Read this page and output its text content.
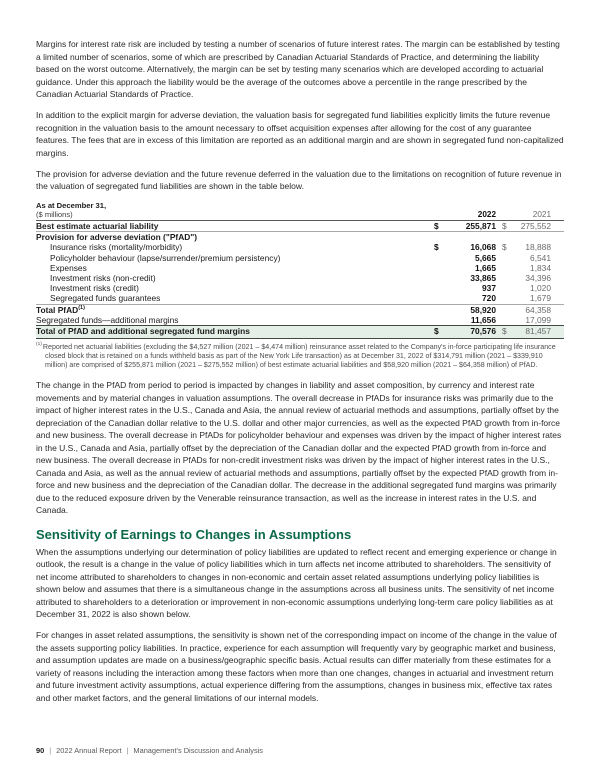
Margins for interest rate risk are included by testing a number of scenarios of future interest rates. The margin can be established by testing a limited number of scenarios, some of which are prescribed by Canadian Actuarial Standards of Practice, and determining the liability based on the worst outcome. Alternatively, the margin can be set by testing many scenarios which are developed according to actuarial guidance. Under this approach the liability would be the average of the outcomes above a percentile in the range prescribed by the Canadian Actuarial Standards of Practice.

In addition to the explicit margin for adverse deviation, the valuation basis for segregated fund liabilities explicitly limits the future revenue recognition in the valuation basis to the amount necessary to offset acquisition expenses after allowing for the cost of any guarantee features. The fees that are in excess of this limitation are reported as an additional margin and are shown in segregated fund non-capitalized margins.

The provision for adverse deviation and the future revenue deferred in the valuation due to the limitations on recognition of future revenue in the valuation of segregated fund liabilities are shown in the table below.

As at December 31,
($ millions)	2022	2021
Best estimate actuarial liability	$	255,871 $ 275,552
Provision for adverse deviation ("PfAD")
Insurance risks (mortality/morbidity)	$	16,068 $ 18,888
Policyholder behaviour (lapse/surrender/premium persistency)	5,665	6,541
Expenses	1,665	1,834
Investment risks (non-credit)	33,865	34,396
Investment risks (credit)	937	1,020
Segregated funds guarantees	720	1,679
Total PfAD$^{(1)}$	58,920	64,358
Segregated funds—additional margins	11,656	17,099
Total of PfAD and additional segregated fund margins	$	70,576 $ 81,457
$^{(1)}$Reported net actuarial liabilities (excluding the $4,527 million (2021 – $4,474 million) reinsurance asset related to the Company's in-force participating life insurance closed block that is retained on a funds withheld basis as part of the New York Life transaction) as at December 31, 2022 of $314,791 million (2021 – $339,910 million) are comprised of $255,871 million (2021 – $275,552 million) of best estimate actuarial liabilities and $58,920 million (2021 – $64,358 million) of PfAD.

The change in the PfAD from period to period is impacted by changes in liability and asset composition, by currency and interest rate movements and by material changes in valuation assumptions. The overall decrease in PfADs for insurance risks was primarily due to the impact of higher interest rates in the U.S., Canada and Asia, the annual review of actuarial methods and assumptions, partially offset by the depreciation of the Canadian dollar relative to the U.S. dollar and other major currencies, as well as the expected PfAD growth from in-force and new business. The overall decrease in PfADs for policyholder behaviour and expenses was driven by the impact of higher interest rates in the U.S., Canada and Asia, partially offset by the depreciation of the Canadian dollar and the expected PfAD growth from in-force and new business. The overall decrease in PfADs for non-credit investment risks was driven by the impact of higher interest rates in the U.S., Canada and Asia, as well as the annual review of actuarial methods and assumptions, partially offset by the expected PfAD growth from in-force and new business and the depreciation of the Canadian dollar. The decrease in the additional segregated fund margins was primarily due to the reduced exposure driven by the Venerable reinsurance transaction, as well as the increase in interest rates in the U.S. and Canada.

Sensitivity of Earnings to Changes in Assumptions

When the assumptions underlying our determination of policy liabilities are updated to reflect recent and emerging experience or change in outlook, the result is a change in the value of policy liabilities which in turn affects net income attributed to shareholders. The sensitivity of net income attributed to shareholders to changes in non-economic and certain asset related assumptions underlying policy liabilities is shown below and assumes that there is a simultaneous change in the assumptions across all business units. The sensitivity of net income attributed to shareholders to a deterioration or improvement in non-economic assumptions underlying long-term care policy liabilities as at December 31, 2022 is also shown below.

For changes in asset related assumptions, the sensitivity is shown net of the corresponding impact on income of the change in the value of the assets supporting policy liabilities. In practice, experience for each assumption will frequently vary by geographic market and business, and assumption updates are made on a business/geographic specific basis. Actual results can differ materially from these estimates for a variety of reasons including the interaction among these factors when more than one changes, changes in actuarial and investment return and future investment activity assumptions, actual experience differing from the assumptions, changes in business mix, effective tax rates and other market factors, and the general limitations of our internal models.

90 | 2022 Annual Report | Management's Discussion and Analysis
